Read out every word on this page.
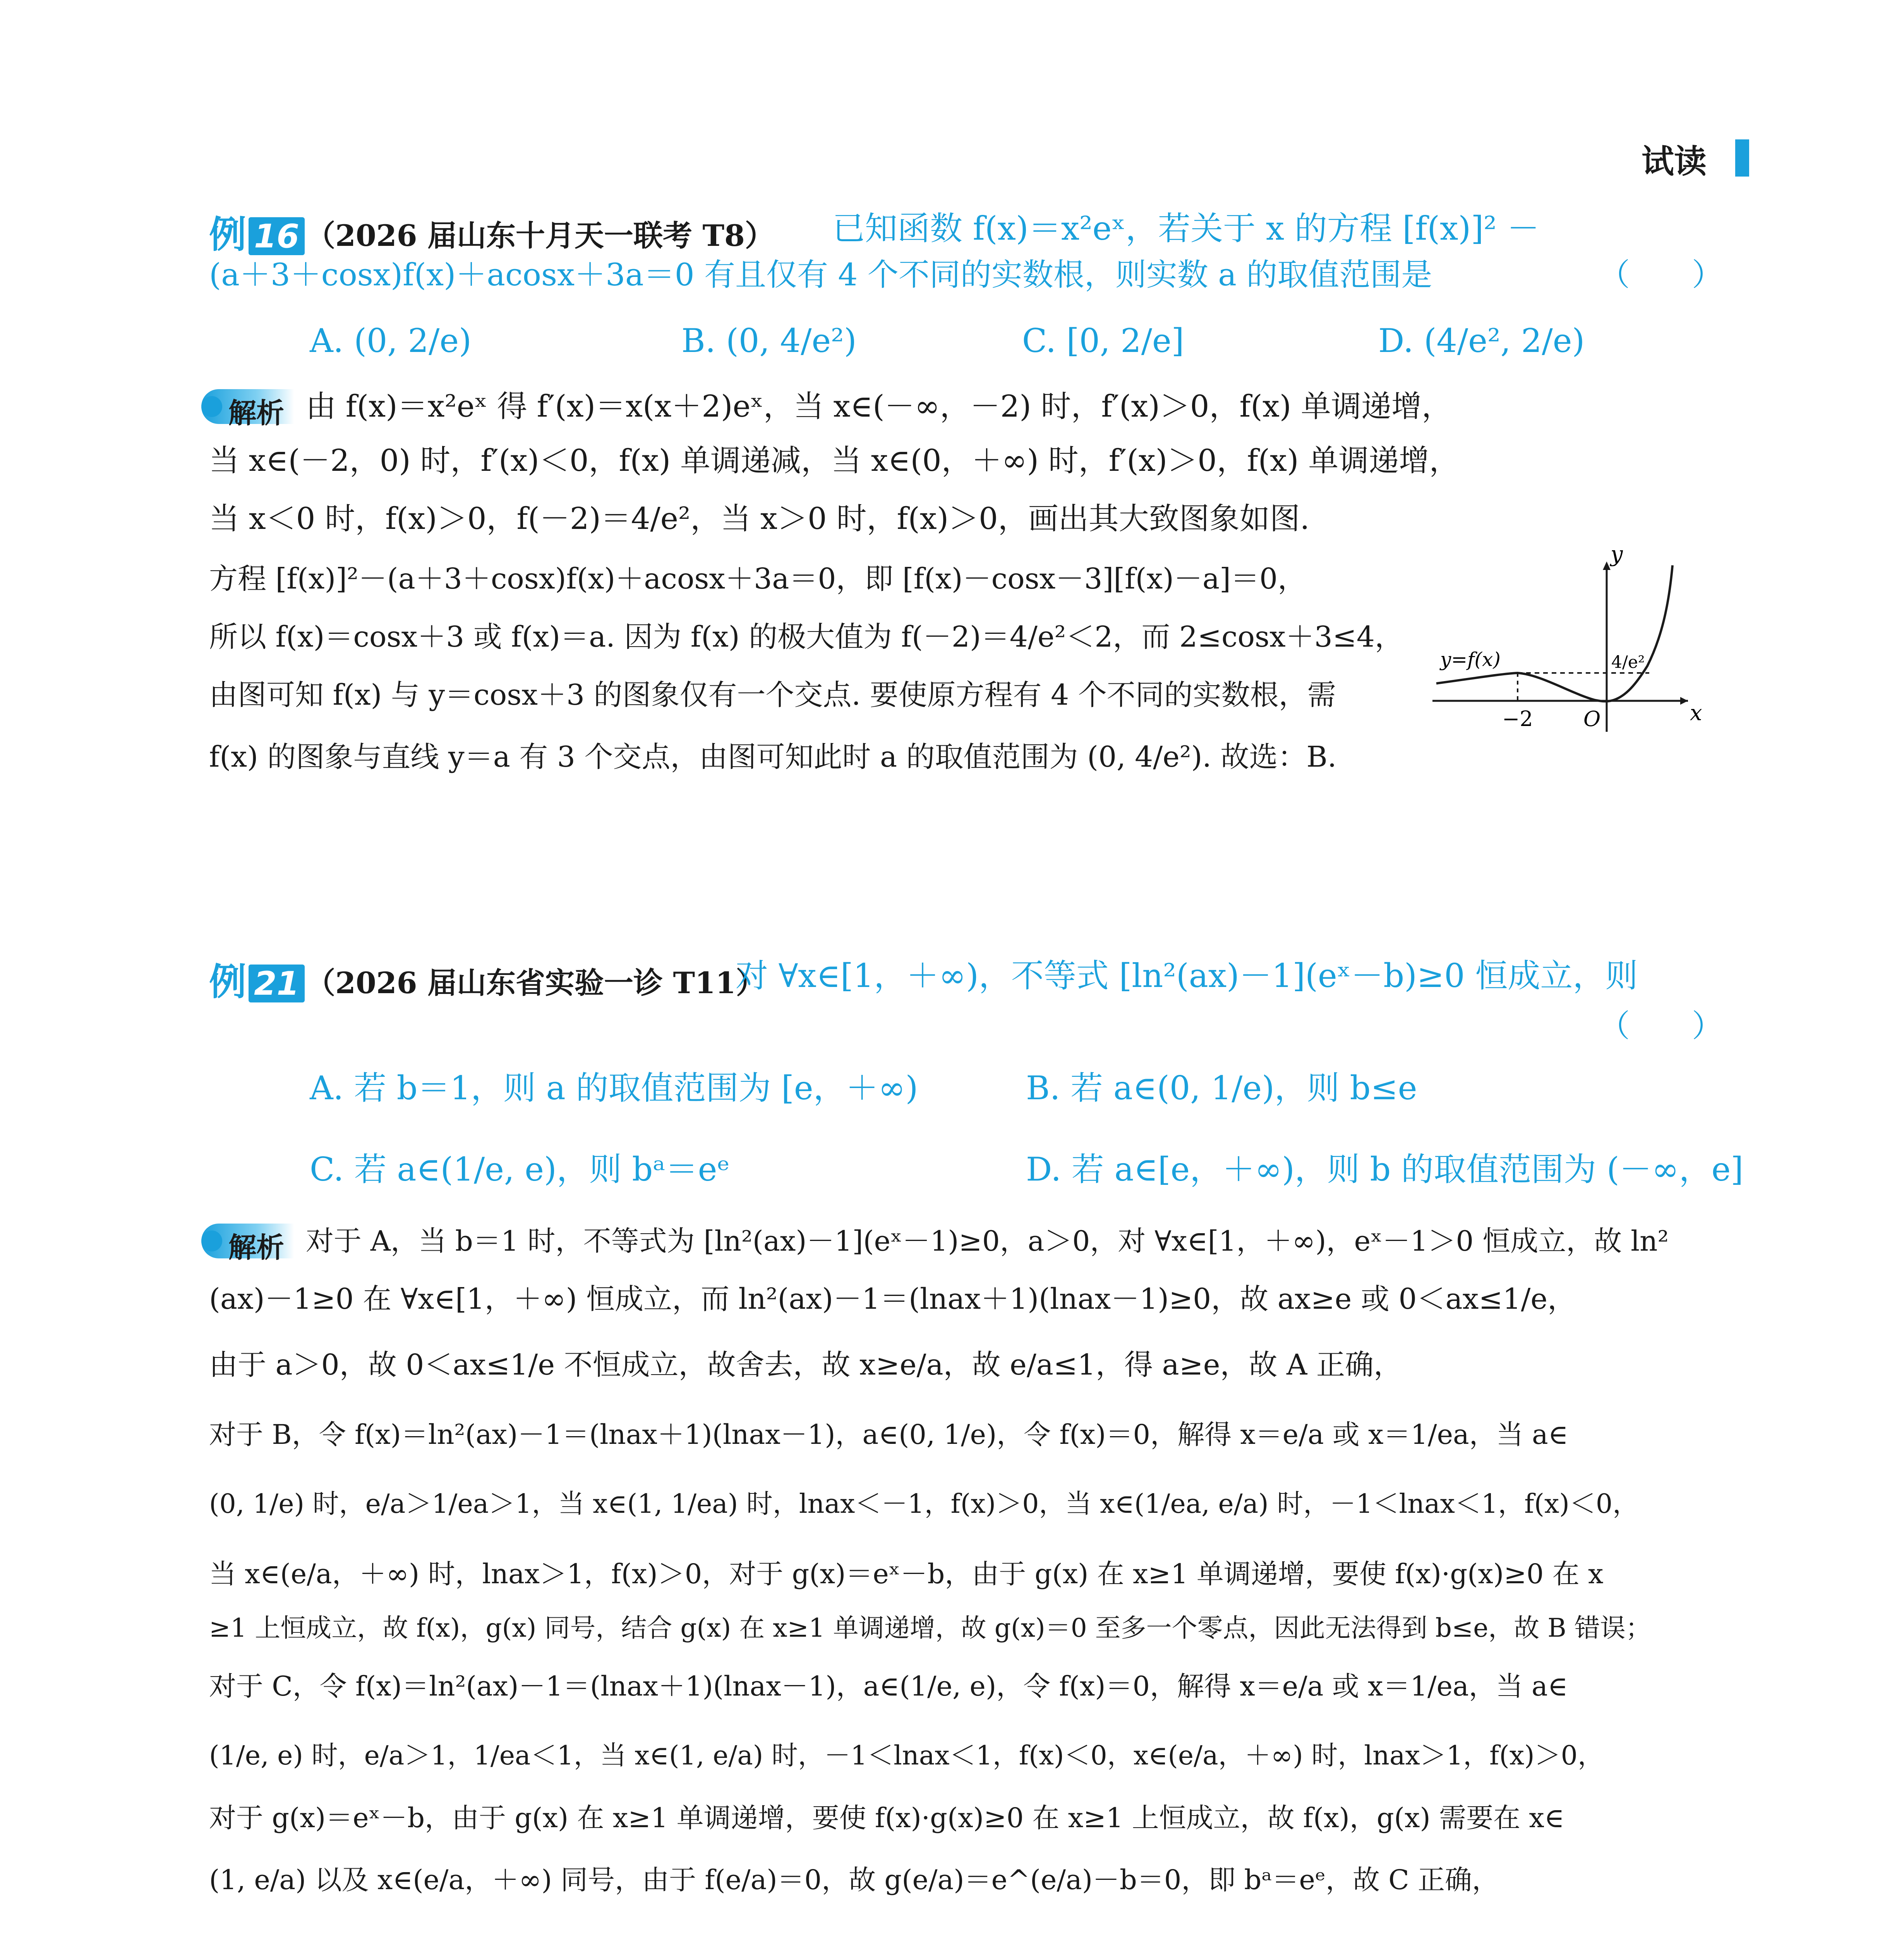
试读
例 16 （2026 届山东十月天一联考 T8） 已知函数 f(x)＝x²eˣ，若关于 x 的方程 [f(x)]² －
(a＋3＋cosx)f(x)＋acosx＋3a＝0 有且仅有 4 个不同的实数根，则实数 a 的取值范围是	（　　）
A. (0, 2/e)	B. (0, 4/e²)	C. [0, 2/e]	D. (4/e², 2/e)
解析 由 f(x)＝x²eˣ 得 f′(x)＝x(x＋2)eˣ，当 x∈(－∞，－2) 时，f′(x)＞0，f(x) 单调递增，
当 x∈(－2，0) 时，f′(x)＜0，f(x) 单调递减，当 x∈(0，＋∞) 时，f′(x)＞0，f(x) 单调递增，
当 x＜0 时，f(x)＞0，f(－2)＝4/e²，当 x＞0 时，f(x)＞0，画出其大致图象如图.
方程 [f(x)]²－(a＋3＋cosx)f(x)＋acosx＋3a＝0，即 [f(x)－cosx－3][f(x)－a]＝0，
所以 f(x)＝cosx＋3 或 f(x)＝a. 因为 f(x) 的极大值为 f(－2)＝4/e²＜2，而 2≤cosx＋3≤4，
由图可知 f(x) 与 y＝cosx＋3 的图象仅有一个交点. 要使原方程有 4 个不同的实数根，需
f(x) 的图象与直线 y＝a 有 3 个交点，由图可知此时 a 的取值范围为 (0, 4/e²). 故选：B.
y
x
y=f(x)
O
−2
4/e²
例 21 （2026 届山东省实验一诊 T11）
对 ∀x∈[1，＋∞)，不等式 [ln²(ax)－1](eˣ－b)≥0 恒成立，则
（　　）
A. 若 b＝1，则 a 的取值范围为 [e，＋∞)	B. 若 a∈(0, 1/e)，则 b≤e
C. 若 a∈(1/e, e)，则 bᵃ＝eᵉ	D. 若 a∈[e，＋∞)，则 b 的取值范围为 (－∞，e]
解析 对于 A，当 b＝1 时，不等式为 [ln²(ax)－1](eˣ－1)≥0，a＞0，对 ∀x∈[1，＋∞)，eˣ－1＞0 恒成立，故 ln²
(ax)－1≥0 在 ∀x∈[1，＋∞) 恒成立，而 ln²(ax)－1＝(lnax＋1)(lnax－1)≥0，故 ax≥e 或 0＜ax≤1/e，
由于 a＞0，故 0＜ax≤1/e 不恒成立，故舍去，故 x≥e/a，故 e/a≤1，得 a≥e，故 A 正确，
对于 B，令 f(x)＝ln²(ax)－1＝(lnax＋1)(lnax－1)，a∈(0, 1/e)，令 f(x)＝0，解得 x＝e/a 或 x＝1/ea，当 a∈
(0, 1/e) 时，e/a＞1/ea＞1，当 x∈(1, 1/ea) 时，lnax＜－1，f(x)＞0，当 x∈(1/ea, e/a) 时，－1＜lnax＜1，f(x)＜0，
当 x∈(e/a，＋∞) 时，lnax＞1，f(x)＞0，对于 g(x)＝eˣ－b，由于 g(x) 在 x≥1 单调递增，要使 f(x)·g(x)≥0 在 x
≥1 上恒成立，故 f(x)，g(x) 同号，结合 g(x) 在 x≥1 单调递增，故 g(x)＝0 至多一个零点，因此无法得到 b≤e，故 B 错误；
对于 C，令 f(x)＝ln²(ax)－1＝(lnax＋1)(lnax－1)，a∈(1/e, e)，令 f(x)＝0，解得 x＝e/a 或 x＝1/ea，当 a∈
(1/e, e) 时，e/a＞1，1/ea＜1，当 x∈(1, e/a) 时，－1＜lnax＜1，f(x)＜0，x∈(e/a，＋∞) 时，lnax＞1，f(x)＞0，
对于 g(x)＝eˣ－b，由于 g(x) 在 x≥1 单调递增，要使 f(x)·g(x)≥0 在 x≥1 上恒成立，故 f(x)，g(x) 需要在 x∈
(1, e/a) 以及 x∈(e/a，＋∞) 同号，由于 f(e/a)＝0，故 g(e/a)＝e^(e/a)－b＝0，即 bᵃ＝eᵉ，故 C 正确，
